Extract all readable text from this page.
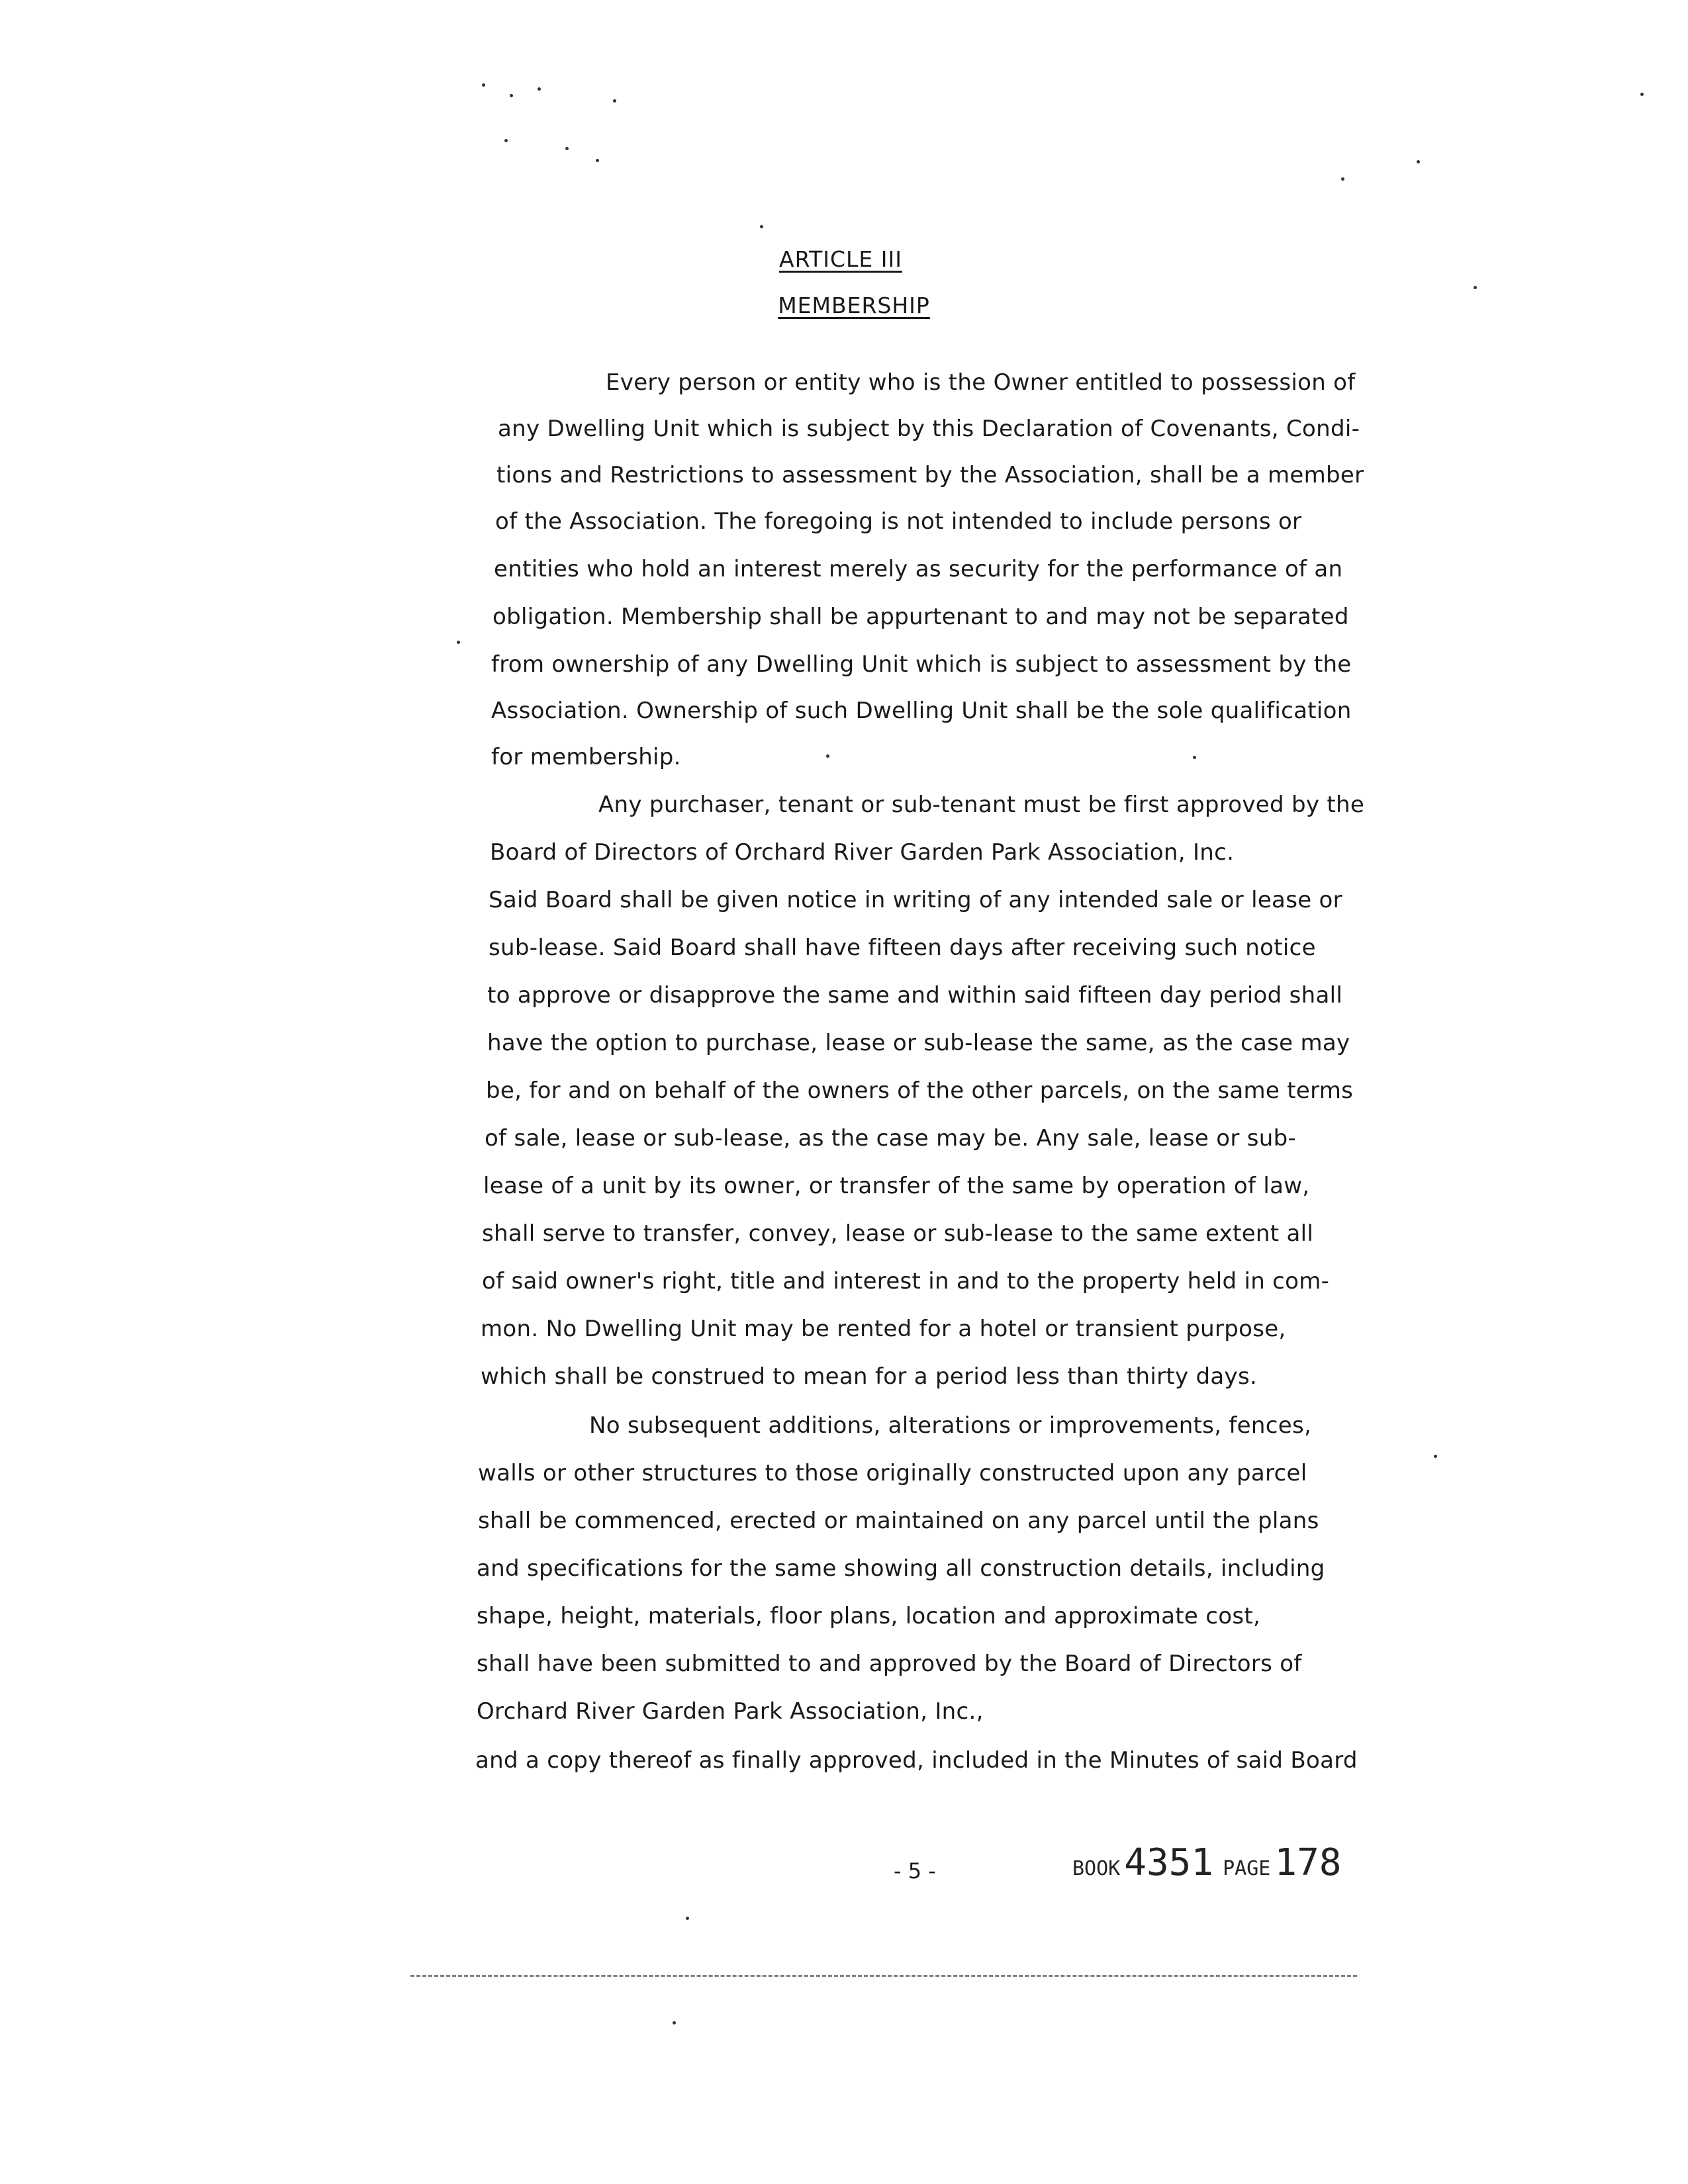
ARTICLE III
MEMBERSHIP
Every person or entity who is the Owner entitled to possession of
any Dwelling Unit which is subject by this Declaration of Covenants, Condi-
tions and Restrictions to assessment by the Association, shall be a member
of the Association. The foregoing is not intended to include persons or
entities who hold an interest merely as security for the performance of an
obligation. Membership shall be appurtenant to and may not be separated
from ownership of any Dwelling Unit which is subject to assessment by the
Association. Ownership of such Dwelling Unit shall be the sole qualification
for membership.
Any purchaser, tenant or sub-tenant must be first approved by the
Board of Directors of Orchard River Garden Park Association, Inc.
Said Board shall be given notice in writing of any intended sale or lease or
sub-lease. Said Board shall have fifteen days after receiving such notice
to approve or disapprove the same and within said fifteen day period shall
have the option to purchase, lease or sub-lease the same, as the case may
be, for and on behalf of the owners of the other parcels, on the same terms
of sale, lease or sub-lease, as the case may be. Any sale, lease or sub-
lease of a unit by its owner, or transfer of the same by operation of law,
shall serve to transfer, convey, lease or sub-lease to the same extent all
of said owner's right, title and interest in and to the property held in com-
mon. No Dwelling Unit may be rented for a hotel or transient purpose,
which shall be construed to mean for a period less than thirty days.
No subsequent additions, alterations or improvements, fences,
walls or other structures to those originally constructed upon any parcel
shall be commenced, erected or maintained on any parcel until the plans
and specifications for the same showing all construction details, including
shape, height, materials, floor plans, location and approximate cost,
shall have been submitted to and approved by the Board of Directors of
Orchard River Garden Park Association, Inc.,
and a copy thereof as finally approved, included in the Minutes of said Board
- 5 -	BOOK 4351 PAGE 178
